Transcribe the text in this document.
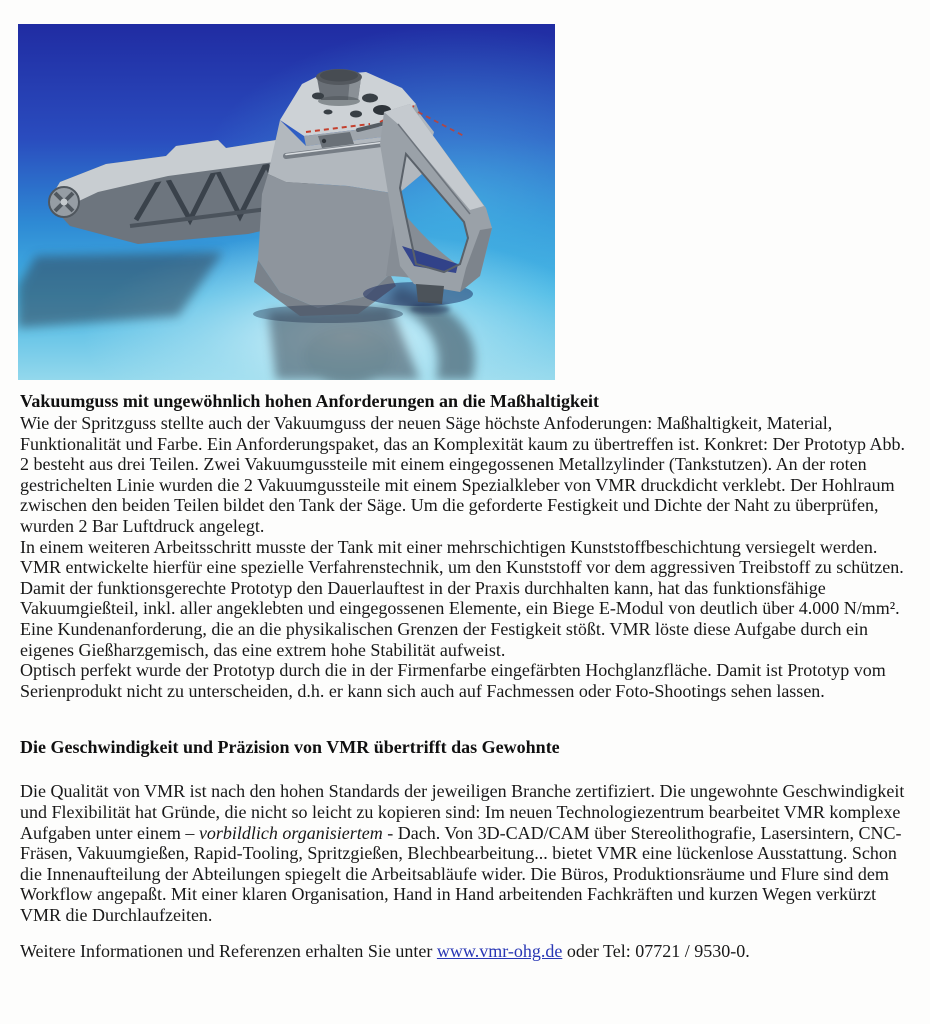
Vakuumguss mit ungewöhnlich hohen Anforderungen an die Maßhaltigkeit

Wie der Spritzguss stellte auch der Vakuumguss der neuen Säge höchste Anfoderungen: Maßhaltigkeit, Material, Funktionalität und Farbe. Ein Anforderungspaket, das an Komplexität kaum zu übertreffen ist. Konkret: Der Prototyp Abb. 2 besteht aus drei Teilen. Zwei Vakuumgussteile mit einem eingegossenen Metallzylinder (Tankstutzen). An der roten gestrichelten Linie wurden die 2 Vakuumgussteile mit einem Spezialkleber von VMR druckdicht verklebt. Der Hohlraum zwischen den beiden Teilen bildet den Tank der Säge. Um die geforderte Festigkeit und Dichte der Naht zu überprüfen, wurden 2 Bar Luftdruck angelegt.

In einem weiteren Arbeitsschritt musste der Tank mit einer mehrschichtigen Kunststoffbeschichtung versiegelt werden. VMR entwickelte hierfür eine spezielle Verfahrenstechnik, um den Kunststoff vor dem aggressiven Treibstoff zu schützen.

Damit der funktionsgerechte Prototyp den Dauerlauftest in der Praxis durchhalten kann, hat das funktionsfähige Vakuumgießteil, inkl. aller angeklebten und eingegossenen Elemente, ein Biege E-Modul von deutlich über 4.000 N/mm². Eine Kundenanforderung, die an die physikalischen Grenzen der Festigkeit stößt. VMR löste diese Aufgabe durch ein eigenes Gießharzgemisch, das eine extrem hohe Stabilität aufweist.

Optisch perfekt wurde der Prototyp durch die in der Firmenfarbe eingefärbten Hochglanzfläche. Damit ist Prototyp vom Serienprodukt nicht zu unterscheiden, d.h. er kann sich auch auf Fachmessen oder Foto-Shootings sehen lassen.

Die Geschwindigkeit und Präzision von VMR übertrifft das Gewohnte

Die Qualität von VMR ist nach den hohen Standards der jeweiligen Branche zertifiziert. Die ungewohnte Geschwindigkeit und Flexibilität hat Gründe, die nicht so leicht zu kopieren sind: Im neuen Technologiezentrum bearbeitet VMR komplexe Aufgaben unter einem – vorbildlich organisiertem - Dach. Von 3D-CAD/CAM über Stereolithografie, Lasersintern, CNC-Fräsen, Vakuumgießen, Rapid-Tooling, Spritzgießen, Blechbearbeitung... bietet VMR eine lückenlose Ausstattung. Schon die Innenaufteilung der Abteilungen spiegelt die Arbeitsabläufe wider. Die Büros, Produktionsräume und Flure sind dem Workflow angepaßt. Mit einer klaren Organisation, Hand in Hand arbeitenden Fachkräften und kurzen Wegen verkürzt VMR die Durchlaufzeiten.

Weitere Informationen und Referenzen erhalten Sie unter www.vmr-ohg.de oder Tel: 07721 / 9530-0.
